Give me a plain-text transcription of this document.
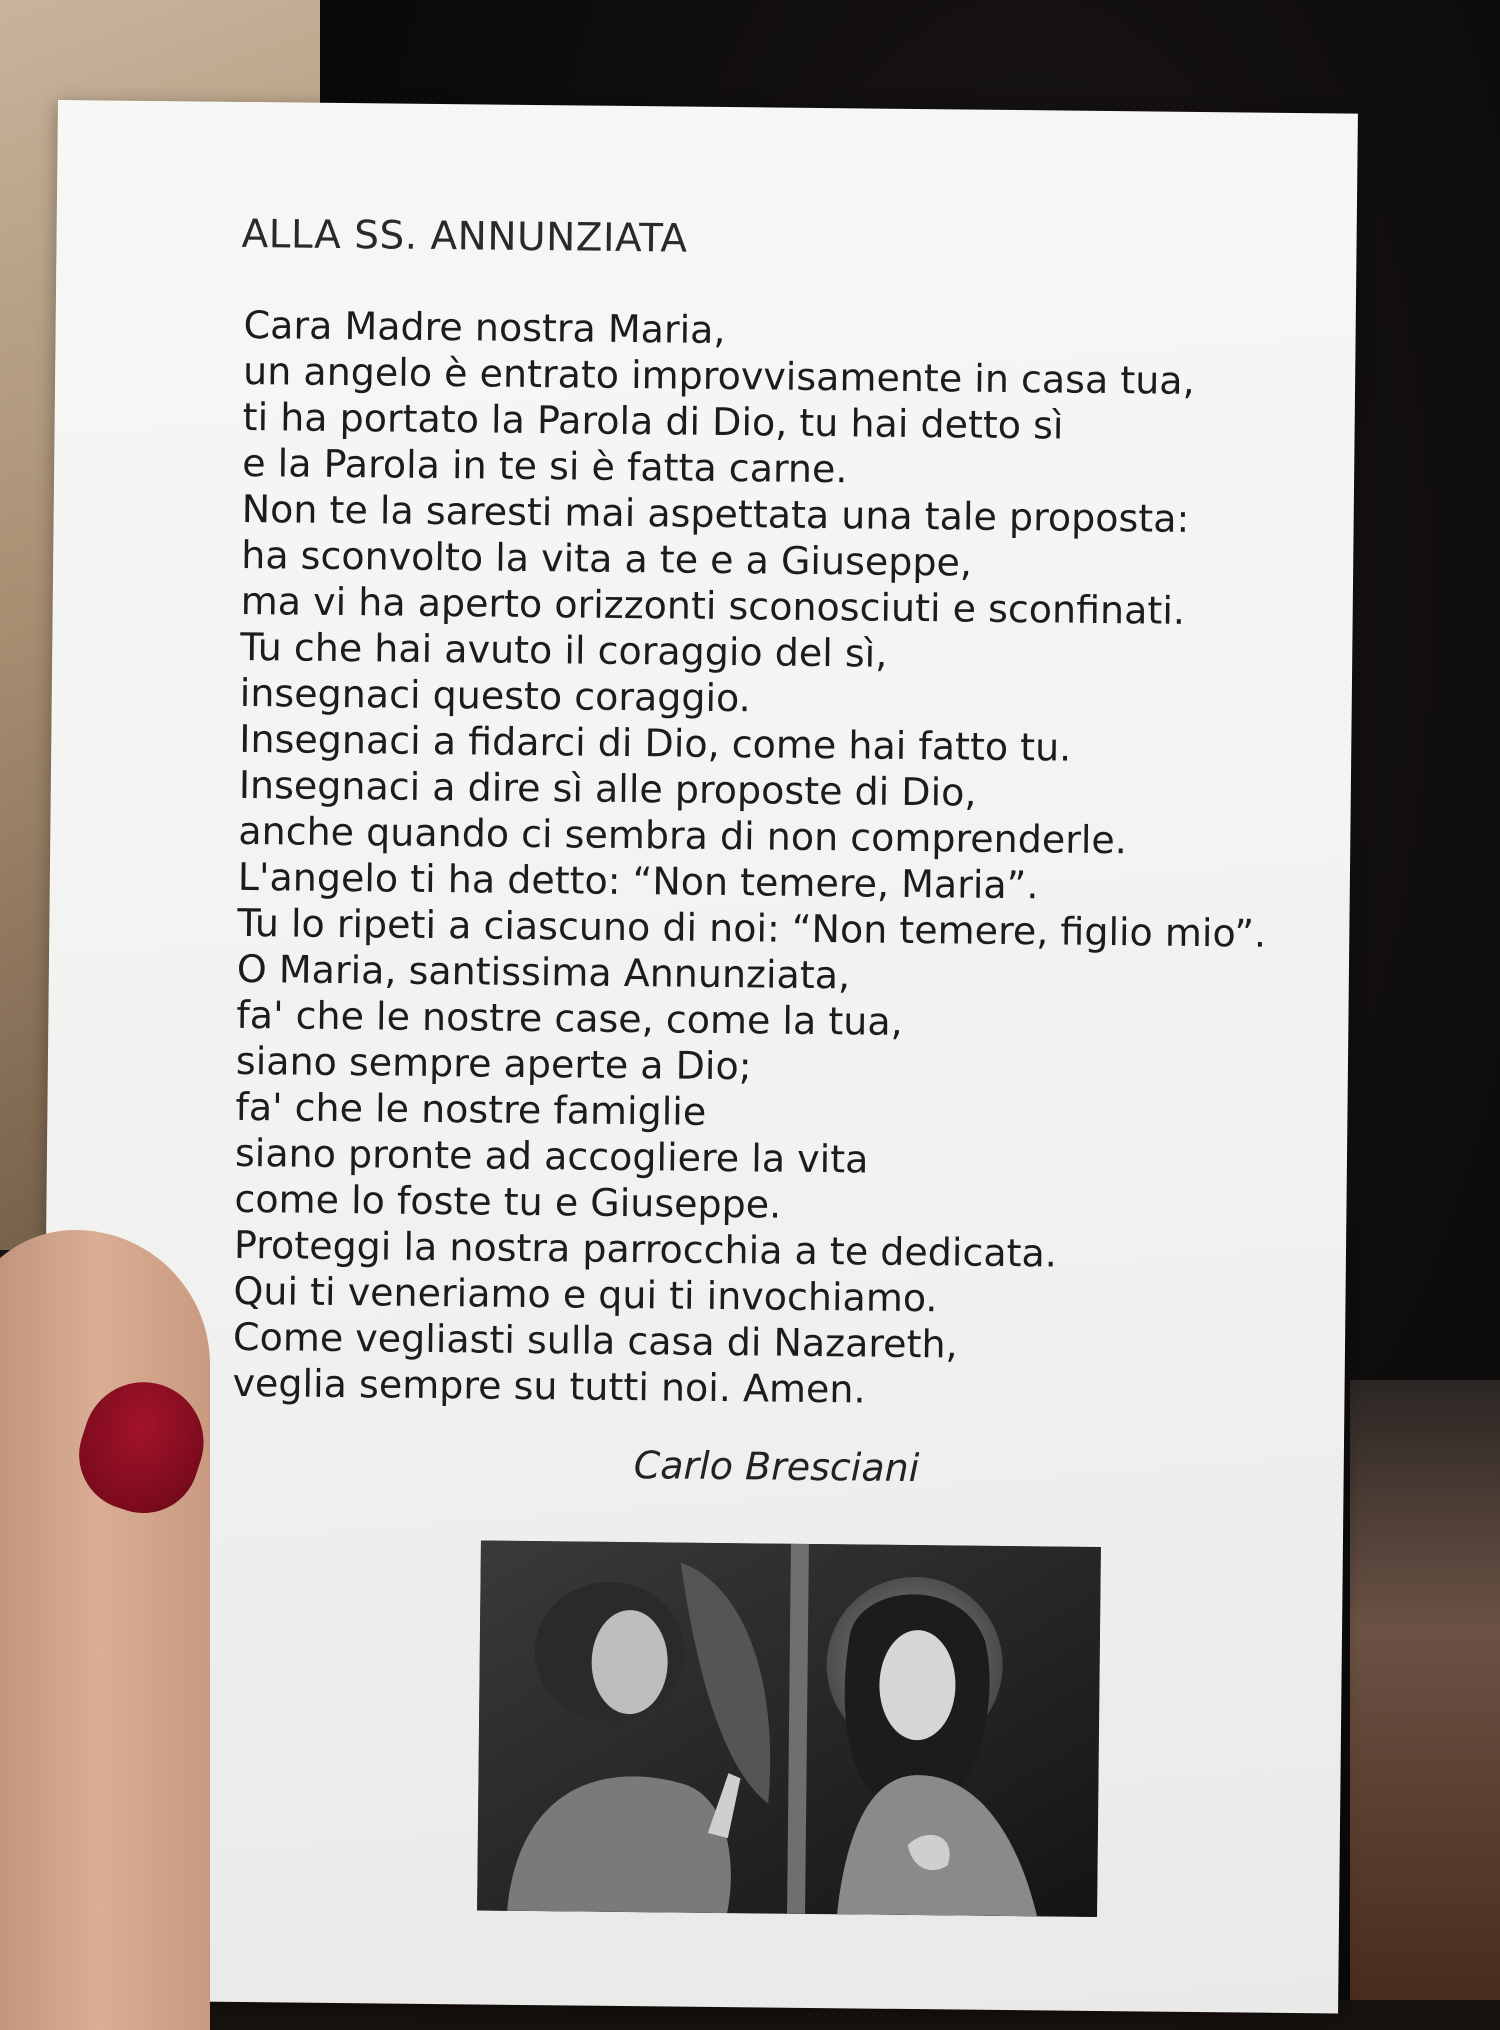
ALLA SS. ANNUNZIATA
Cara Madre nostra Maria,
un angelo è entrato improvvisamente in casa tua,
ti ha portato la Parola di Dio, tu hai detto sì
e la Parola in te si è fatta carne.
Non te la saresti mai aspettata una tale proposta:
ha sconvolto la vita a te e a Giuseppe,
ma vi ha aperto orizzonti sconosciuti e sconfinati.
Tu che hai avuto il coraggio del sì,
insegnaci questo coraggio.
Insegnaci a fidarci di Dio, come hai fatto tu.
Insegnaci a dire sì alle proposte di Dio,
anche quando ci sembra di non comprenderle.
L'angelo ti ha detto: “Non temere, Maria”.
Tu lo ripeti a ciascuno di noi: “Non temere, figlio mio”.
O Maria, santissima Annunziata,
fa' che le nostre case, come la tua,
siano sempre aperte a Dio;
fa' che le nostre famiglie
siano pronte ad accogliere la vita
come lo foste tu e Giuseppe.
Proteggi la nostra parrocchia a te dedicata.
Qui ti veneriamo e qui ti invochiamo.
Come vegliasti sulla casa di Nazareth,
veglia sempre su tutti noi. Amen.
Carlo Bresciani
